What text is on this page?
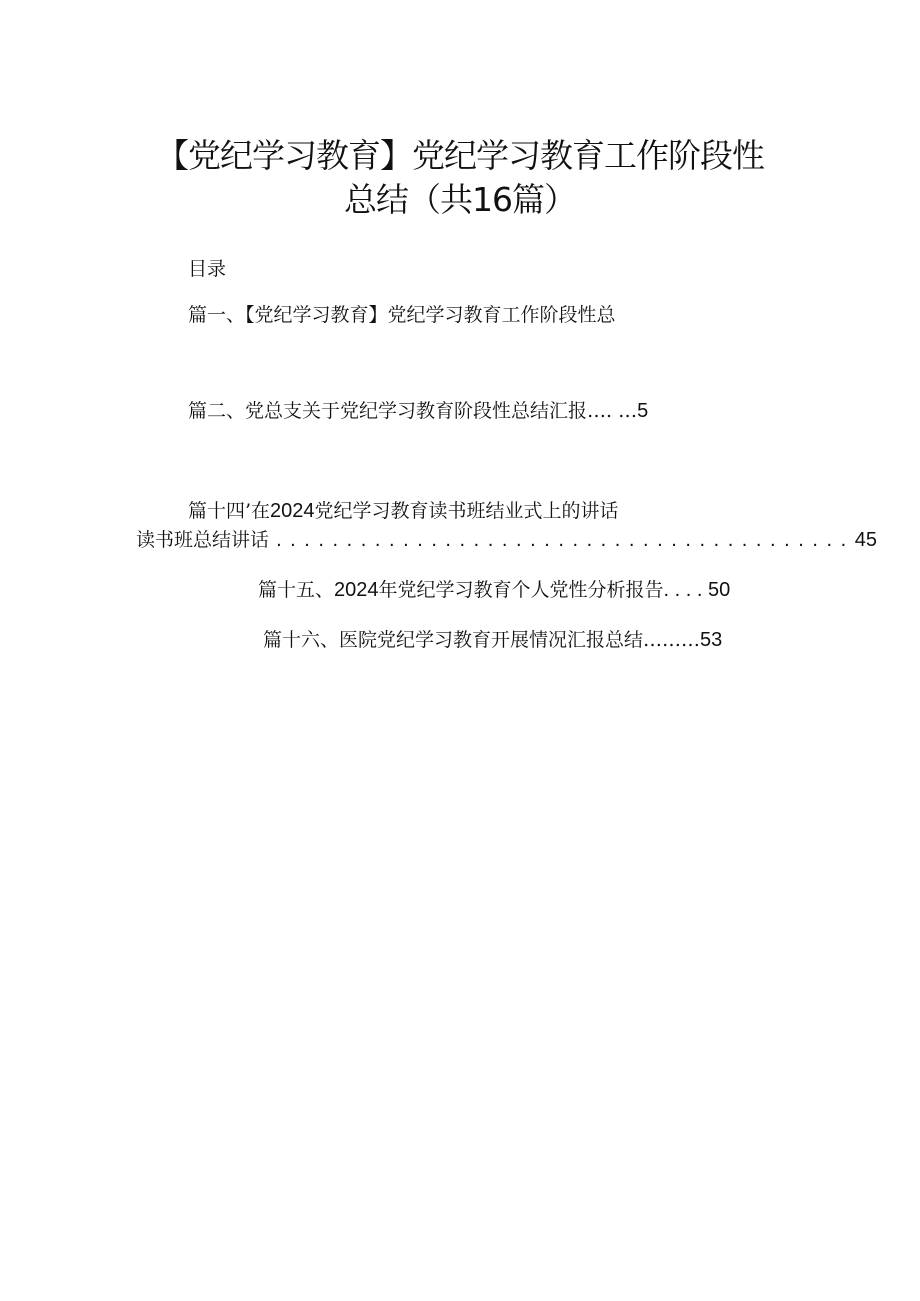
【党纪学习教育】党纪学习教育工作阶段性
总结（共16篇）
目录
篇一、【党纪学习教育】党纪学习教育工作阶段性总
篇二、党总支关于党纪学习教育阶段性总结汇报…. …5
篇十四’在2024党纪学习教育读书班结业式上的讲话
读书班总结讲话 . . . . . . . . . . . . . . . . . . . . . . . . . . . . . . . . . . . . . . . . . 45
篇十五、2024年党纪学习教育个人党性分析报告. . . . 50
篇十六、医院党纪学习教育开展情况汇报总结………53
